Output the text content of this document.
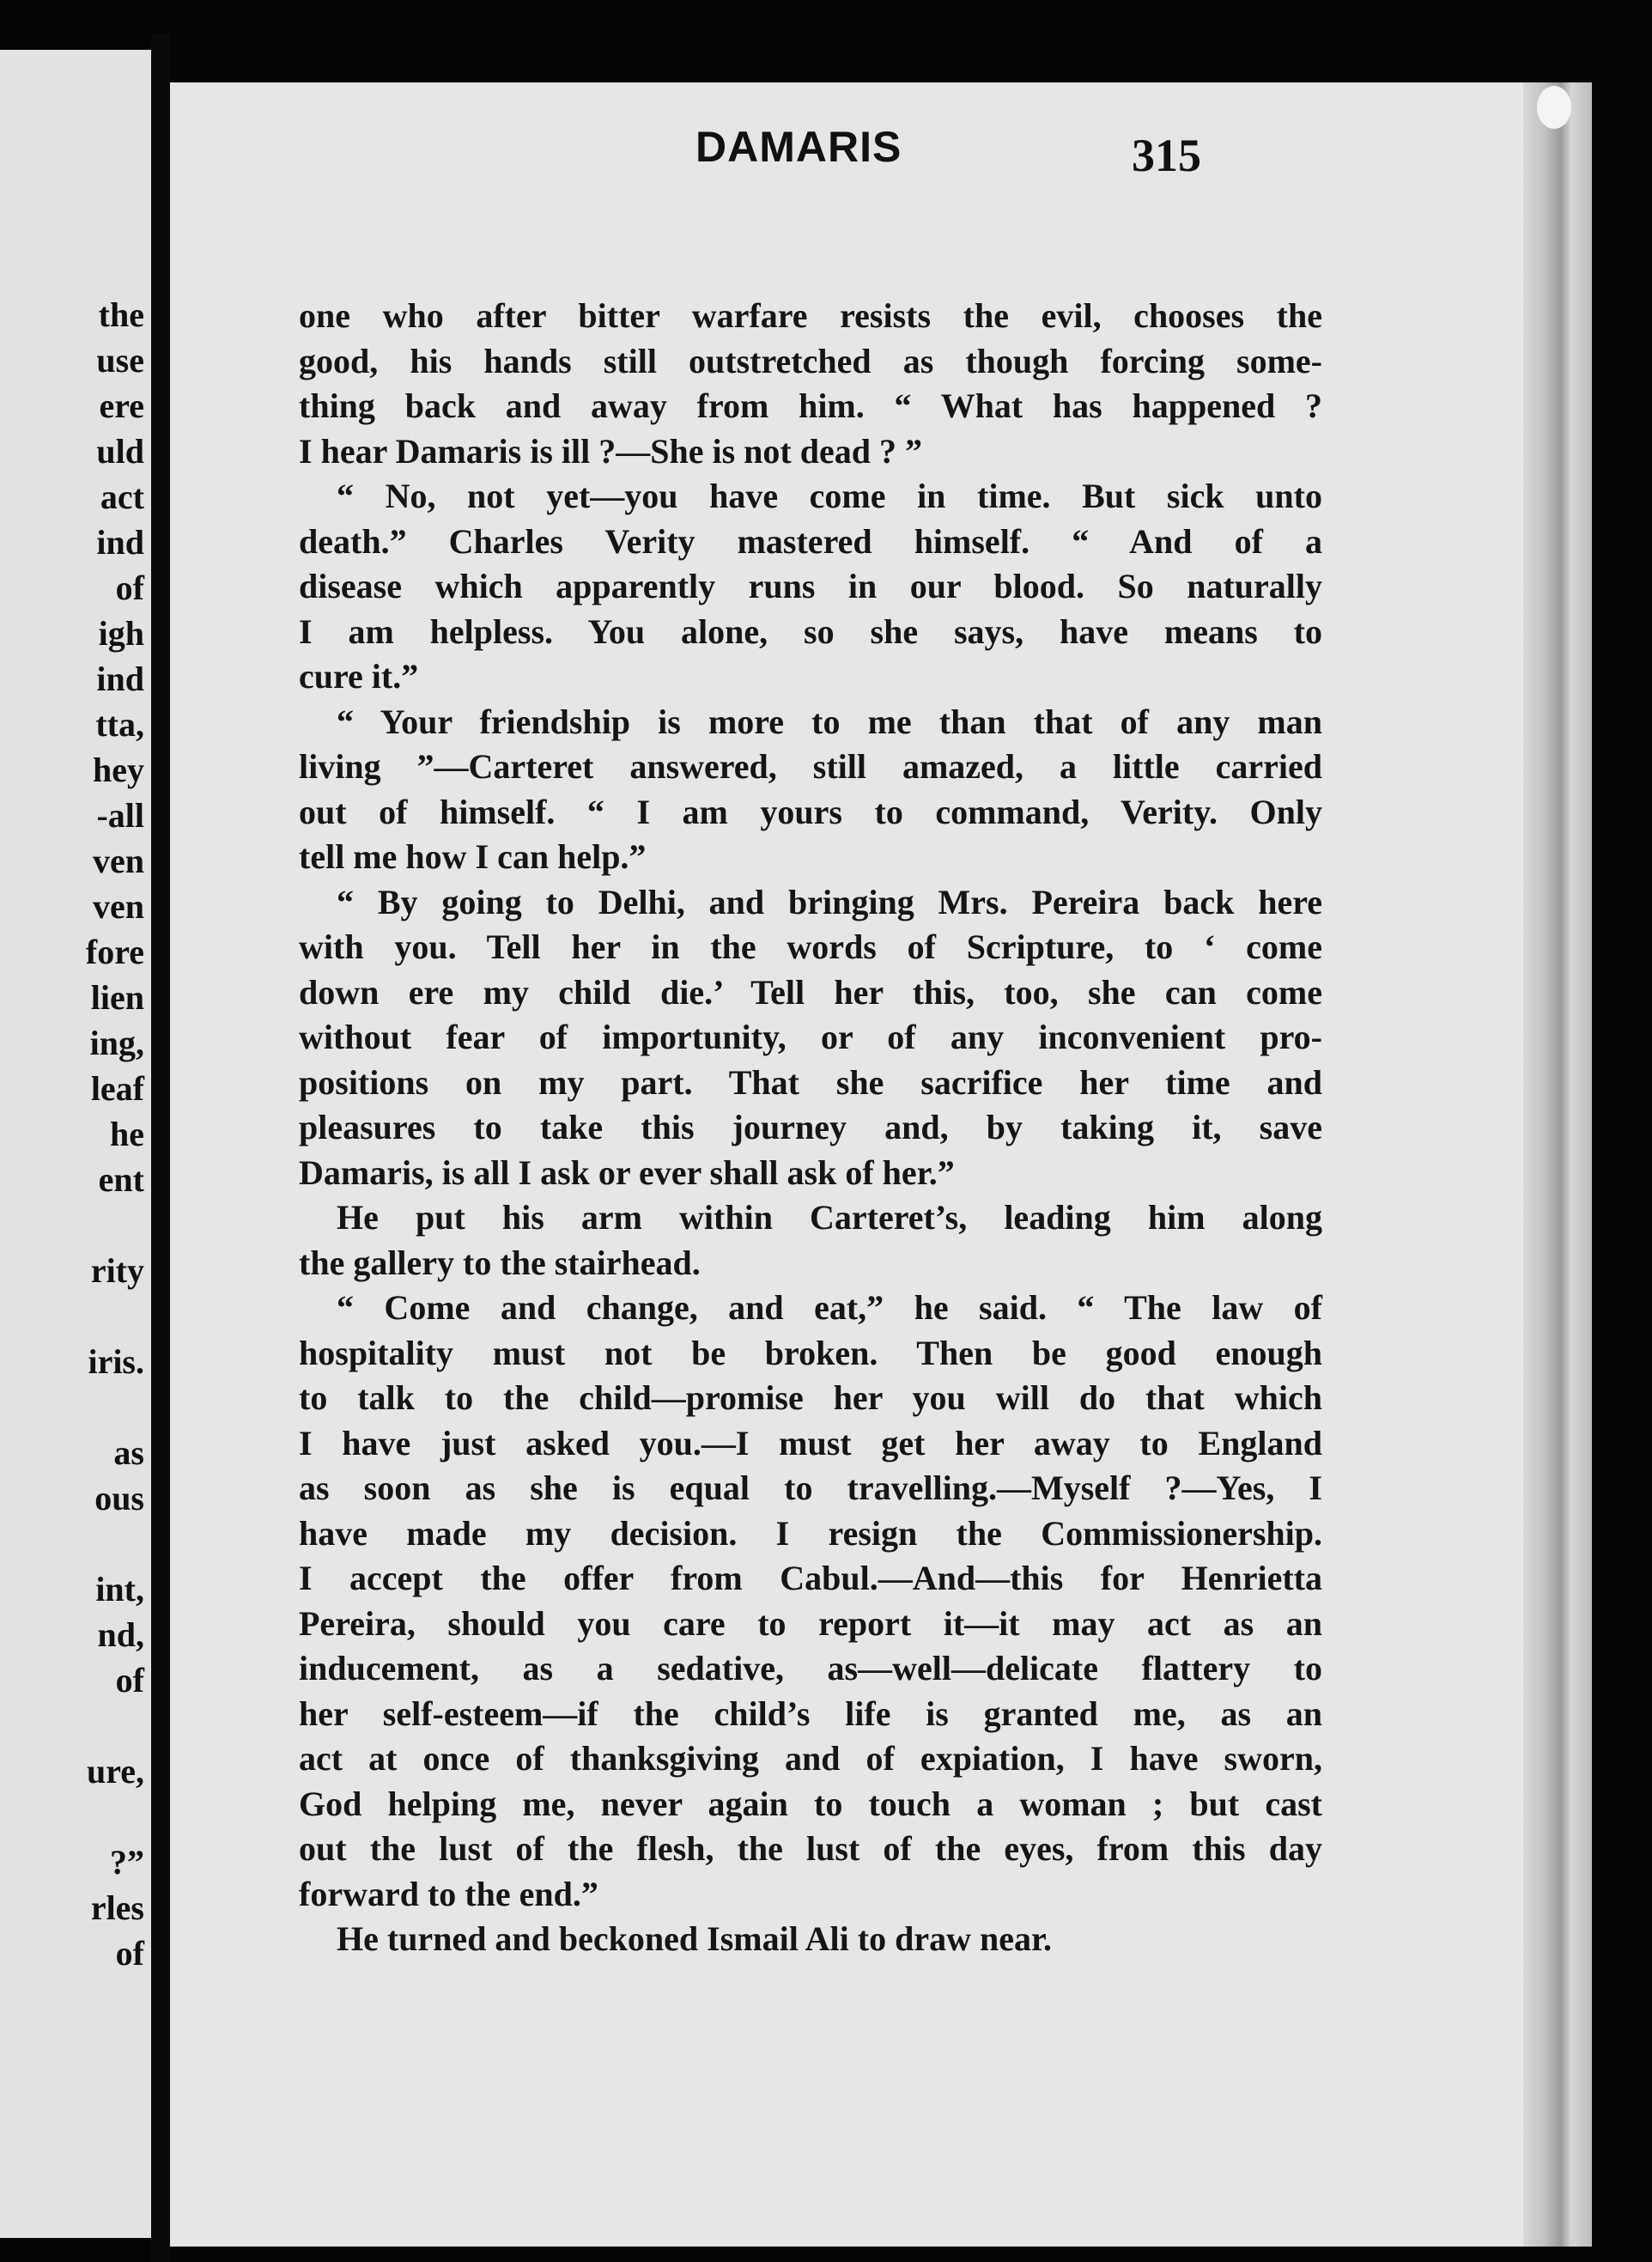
the
use
ere
uld
act
ind
of
igh
ind
tta,
hey
-all
ven
ven
fore
lien
ing,
leaf
he
ent
rity
iris.
as
ous
int,
nd,
of
ure,
?”
rles
of
DAMARIS	315
one who after bitter warfare resists the evil, chooses the
good, his hands still outstretched as though forcing some-
thing back and away from him. “ What has happened ?
I hear Damaris is ill ?—She is not dead ? ”
“ No, not yet—you have come in time. But sick unto
death.” Charles Verity mastered himself. “ And of a
disease which apparently runs in our blood. So naturally
I am helpless. You alone, so she says, have means to
cure it.”
“ Your friendship is more to me than that of any man
living ”—Carteret answered, still amazed, a little carried
out of himself. “ I am yours to command, Verity. Only
tell me how I can help.”
“ By going to Delhi, and bringing Mrs. Pereira back here
with you. Tell her in the words of Scripture, to ‘ come
down ere my child die.’ Tell her this, too, she can come
without fear of importunity, or of any inconvenient pro-
positions on my part. That she sacrifice her time and
pleasures to take this journey and, by taking it, save
Damaris, is all I ask or ever shall ask of her.”
He put his arm within Carteret’s, leading him along
the gallery to the stairhead.
“ Come and change, and eat,” he said. “ The law of
hospitality must not be broken. Then be good enough
to talk to the child—promise her you will do that which
I have just asked you.—I must get her away to England
as soon as she is equal to travelling.—Myself ?—Yes, I
have made my decision. I resign the Commissionership.
I accept the offer from Cabul.—And—this for Henrietta
Pereira, should you care to report it—it may act as an
inducement, as a sedative, as—well—delicate flattery to
her self-esteem—if the child’s life is granted me, as an
act at once of thanksgiving and of expiation, I have sworn,
God helping me, never again to touch a woman ; but cast
out the lust of the flesh, the lust of the eyes, from this day
forward to the end.”
He turned and beckoned Ismail Ali to draw near.
